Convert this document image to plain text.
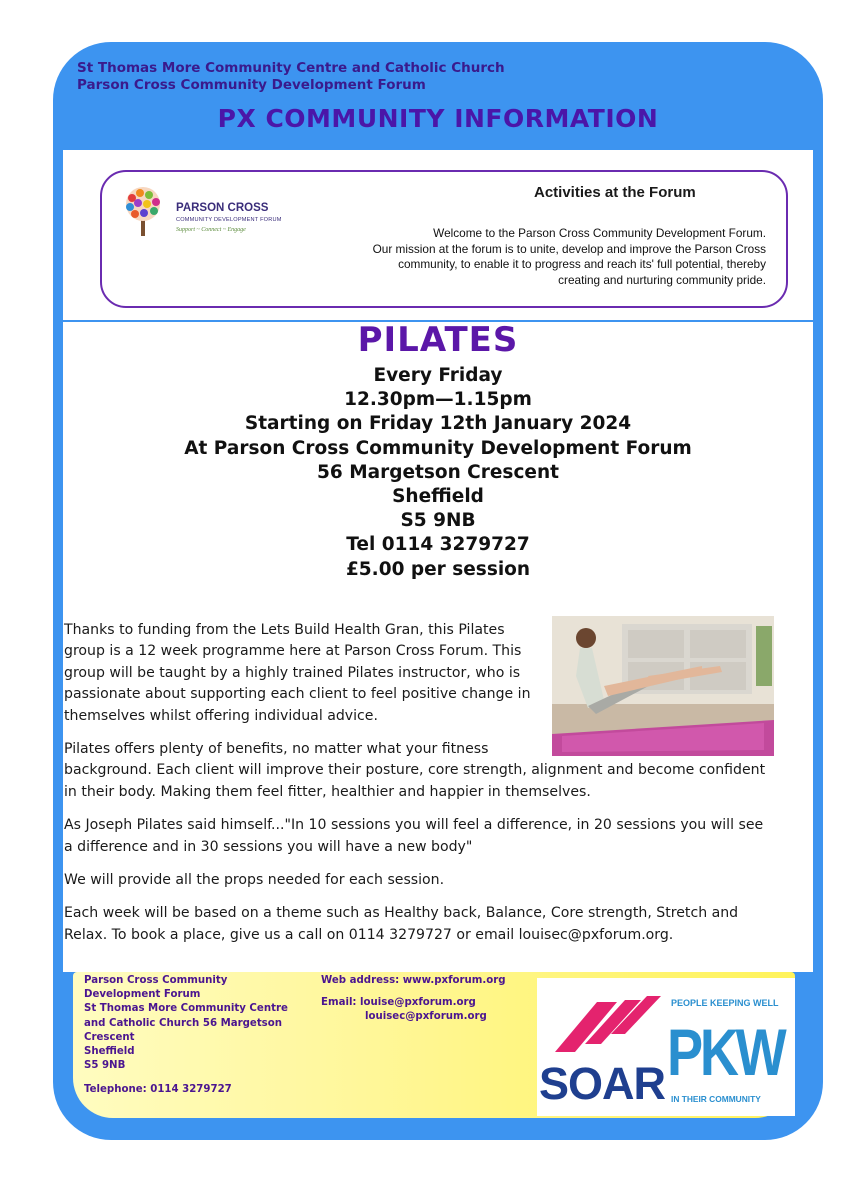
St Thomas More Community Centre and Catholic Church
Parson Cross Community Development Forum
PX COMMUNITY INFORMATION
PARSON CROSS
COMMUNITY DEVELOPMENT FORUM
Support ~ Connect ~ Engage
Activities at the Forum
Welcome to the Parson Cross Community Development Forum.
Our mission at the forum is to unite, develop and improve the Parson Cross
community, to enable it to progress and reach its' full potential, thereby
creating and nurturing community pride.
PILATES
Every Friday
12.30pm—1.15pm
Starting on Friday 12th January 2024
At Parson Cross Community Development Forum
56 Margetson Crescent
Sheffield
S5 9NB
Tel 0114 3279727
£5.00 per session

Thanks to funding from the Lets Build Health Gran, this Pilates group is a 12 week programme here at Parson Cross Forum. This group will be taught by a highly trained Pilates instructor, who is passionate about supporting each client to feel positive change in themselves whilst offering individual advice.

Pilates offers plenty of benefits, no matter what your fitness background. Each client will improve their posture, core strength, alignment and become confident in their body. Making them feel fitter, healthier and happier in themselves.

As Joseph Pilates said himself..."In 10 sessions you will feel a difference, in 20 sessions you will see a difference and in 30 sessions you will have a new body"

We will provide all the props needed for each session.

Each week will be based on a theme such as Healthy back, Balance, Core strength, Stretch and Relax. To book a place, give us a call on 0114 3279727 or email louisec@pxforum.org.

Parson Cross Community
Development Forum
St Thomas More Community Centre
and Catholic Church 56 Margetson
Crescent
Sheffield
S5 9NB
Telephone: 0114 3279727
Web address: www.pxforum.org
Email: louise@pxforum.org
louisec@pxforum.org
SOAR
PEOPLE KEEPING WELL
PKW
IN THEIR COMMUNITY
